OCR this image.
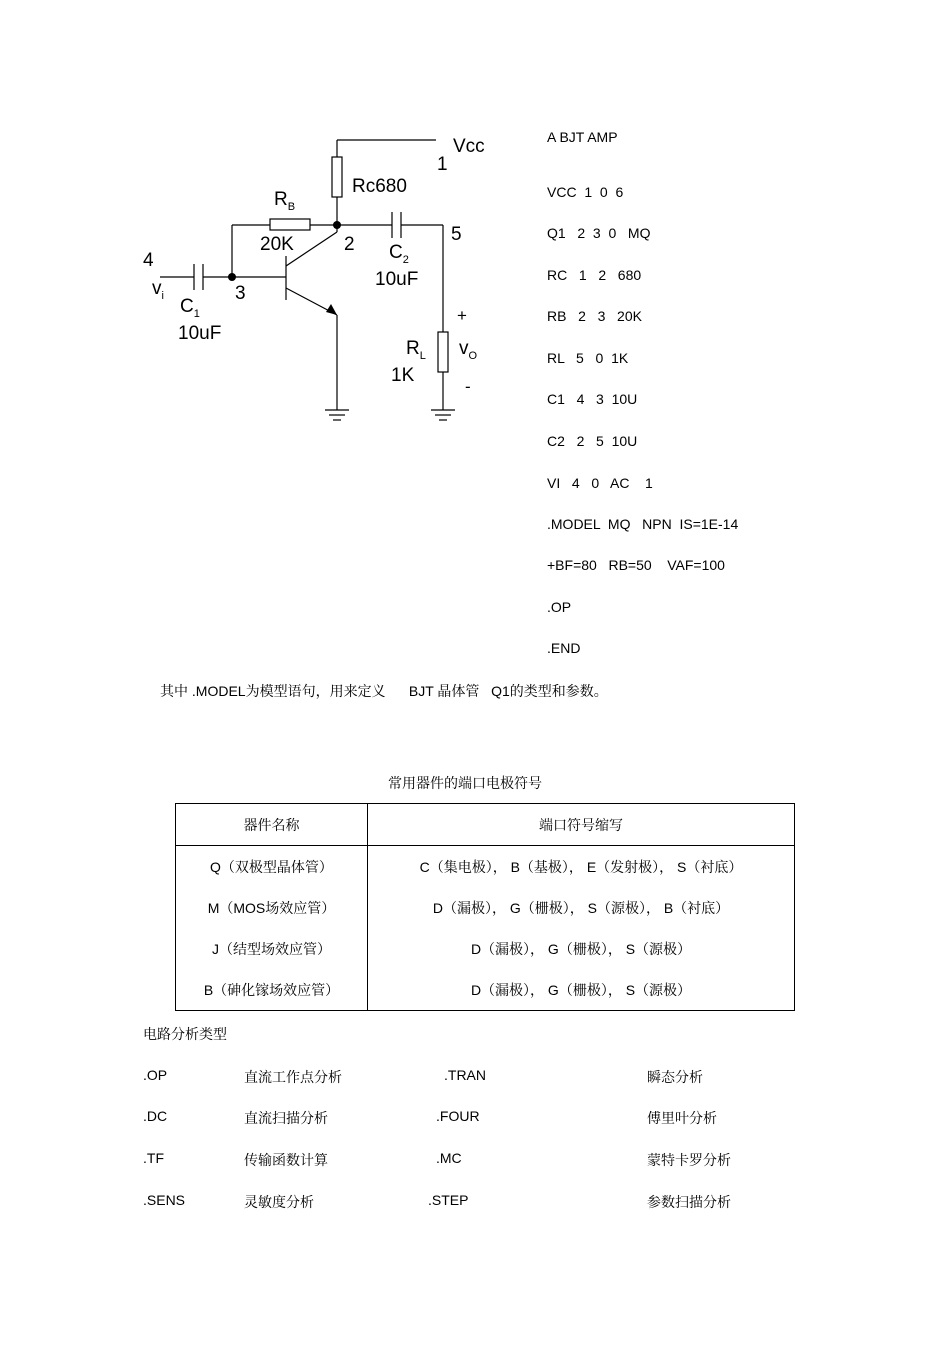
Vcc
1
Rc680
$R_B$
20K	2 $C_2$
10uF
5
4
$v_i$	3
$C_1$
10uF
+
$R_L$ $v_O$
1K
-
A BJT AMP
VCC  1  0  6
Q1   2  3  0   MQ
RC   1   2   680
RB   2   3   20K
RL   5   0  1K
C1   4   3  10U
C2   2   5  10U
VI   4   0   AC    1
.MODEL  MQ   NPN  IS=1E-14
+BF=80   RB=50    VAF=100
.OP
.END
其中 .MODEL为模型语句，用来定义      BJT 晶体管   Q1的类型和参数。
常用器件的端口电极符号
器件名称	端口符号缩写
Q（双极型晶体管）	C（集电极）， B（基极）， E（发射极）， S（衬底）
M（MOS场效应管）	D（漏极）， G（栅极）， S（源极）， B（衬底）
J（结型场效应管）	D（漏极）， G（栅极）， S（源极）
B（砷化镓场效应管）	D（漏极）， G（栅极）， S（源极）
电路分析类型
.OP	直流工作点分析	.TRAN	瞬态分析
.DC	直流扫描分析	.FOUR	傅里叶分析
.TF	传输函数计算	.MC	蒙特卡罗分析
.SENS	灵敏度分析	.STEP	参数扫描分析
